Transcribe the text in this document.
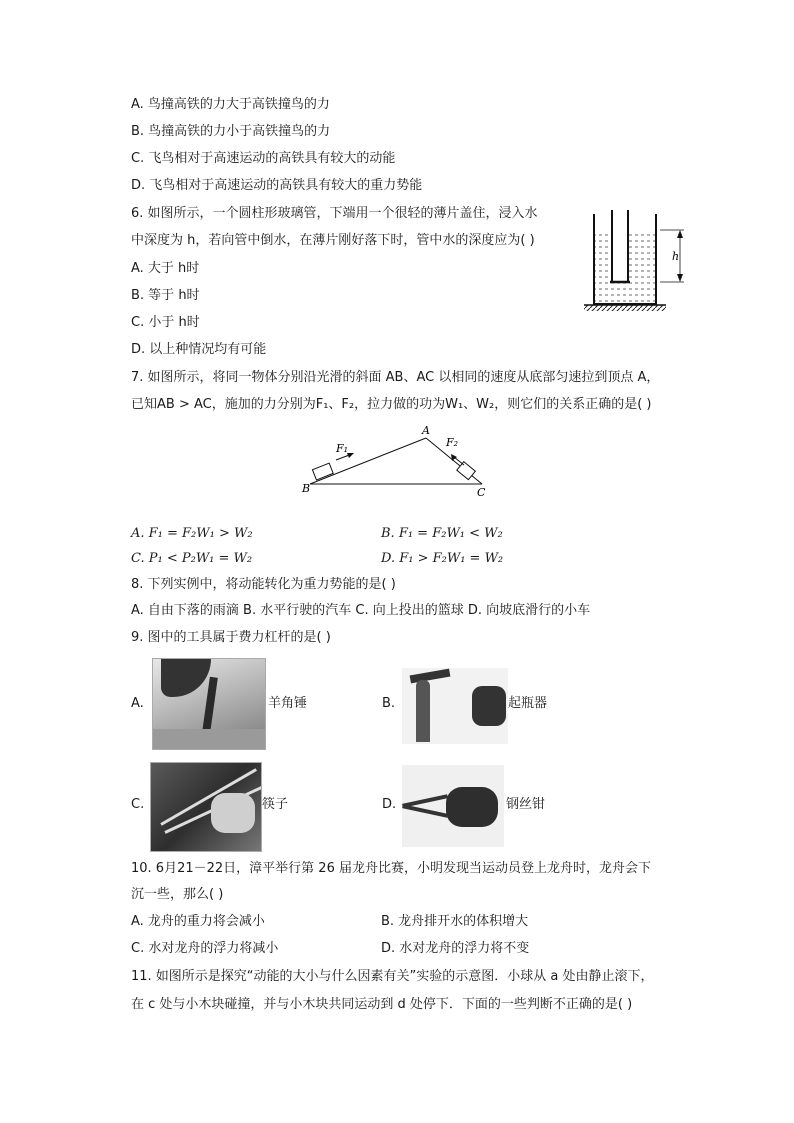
A. 鸟撞高铁的力大于高铁撞鸟的力
B. 鸟撞高铁的力小于高铁撞鸟的力
C. 飞鸟相对于高速运动的高铁具有较大的动能
D. 飞鸟相对于高速运动的高铁具有较大的重力势能
6. 如图所示，一个圆柱形玻璃管，下端用一个很轻的薄片盖住，浸入水
中深度为 h，若向管中倒水，在薄片刚好落下时，管中水的深度应为( )
A. 大于 h时
B. 等于 h时
C. 小于 h时
D. 以上种情况均有可能
h
7. 如图所示，将同一物体分别沿光滑的斜面 AB、AC 以相同的速度从底部匀速拉到顶点 A，
已知AB > AC，施加的力分别为F₁、F₂，拉力做的功为W₁、W₂，则它们的关系正确的是( )
A
B	C
F₁	F₂
A. F₁ = F₂W₁ > W₂	B. F₁ = F₂W₁ < W₂
C. P₁ < P₂W₁ = W₂	D. F₁ > F₂W₁ = W₂
8. 下列实例中，将动能转化为重力势能的是( )
A. 自由下落的雨滴 B. 水平行驶的汽车 C. 向上投出的篮球 D. 向坡底滑行的小车
9. 图中的工具属于费力杠杆的是( )
A.	羊角锤	B.	起瓶器
C.	筷子	D.	钢丝钳
10. 6月21－22日，漳平举行第 26 届龙舟比赛，小明发现当运动员登上龙舟时，龙舟会下
沉一些，那么( )
A. 龙舟的重力将会减小	B. 龙舟排开水的体积增大
C. 水对龙舟的浮力将减小	D. 水对龙舟的浮力将不变
11. 如图所示是探究“动能的大小与什么因素有关”实验的示意图．小球从 a 处由静止滚下，
在 c 处与小木块碰撞，并与小木块共同运动到 d 处停下．下面的一些判断不正确的是( )
